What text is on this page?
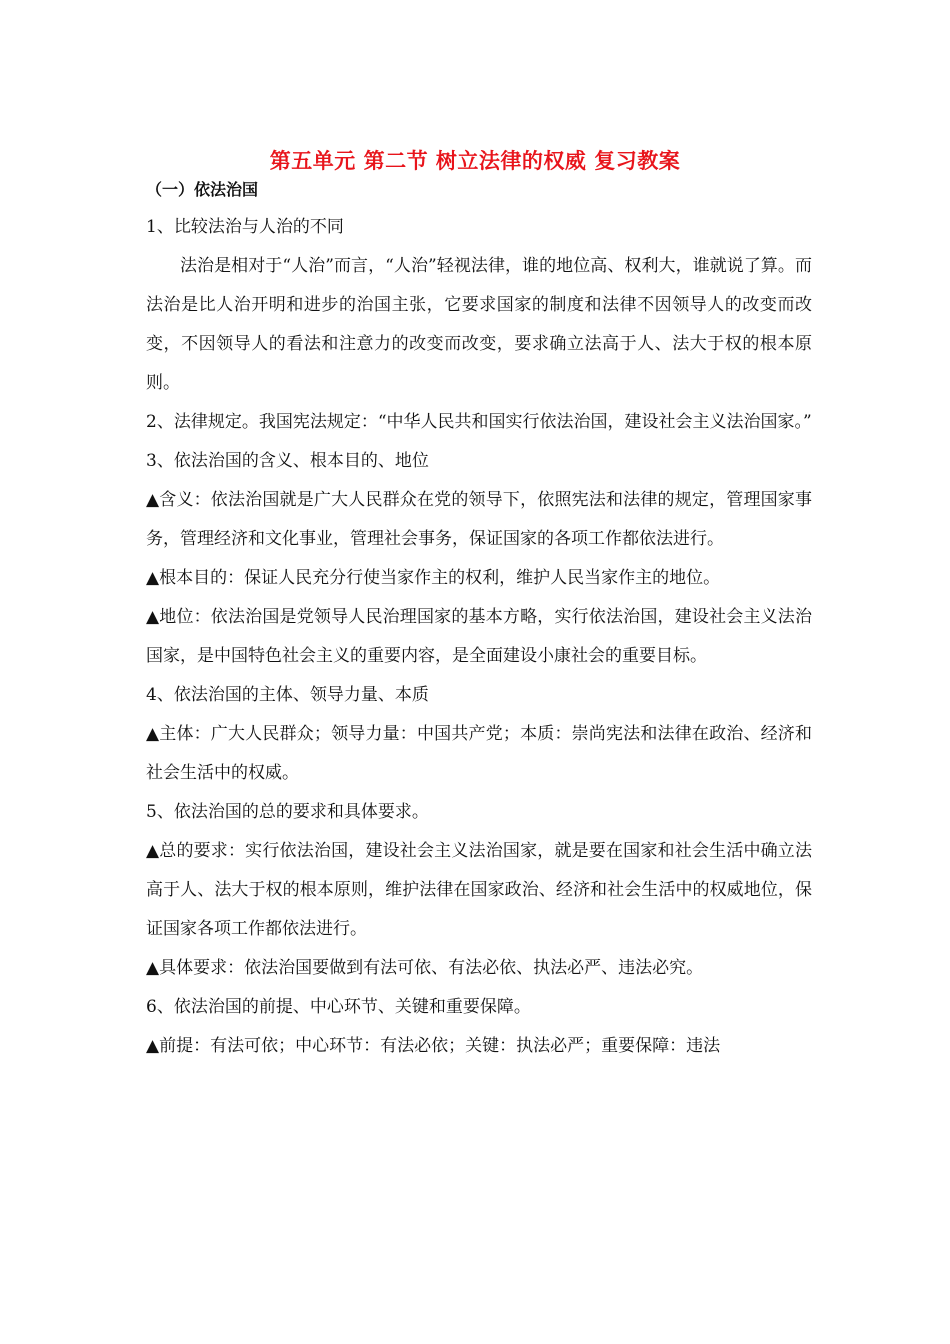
第五单元 第二节 树立法律的权威 复习教案
（一）依法治国

1、比较法治与人治的不同

法治是相对于“人治”而言，“人治”轻视法律，谁的地位高、权利大，谁就说了算。而法治是比人治开明和进步的治国主张，它要求国家的制度和法律不因领导人的改变而改变，不因领导人的看法和注意力的改变而改变，要求确立法高于人、法大于权的根本原则。

2、法律规定。我国宪法规定：“中华人民共和国实行依法治国，建设社会主义法治国家。”

3、依法治国的含义、根本目的、地位

▲含义：依法治国就是广大人民群众在党的领导下，依照宪法和法律的规定，管理国家事务，管理经济和文化事业，管理社会事务，保证国家的各项工作都依法进行。

▲根本目的：保证人民充分行使当家作主的权利，维护人民当家作主的地位。

▲地位：依法治国是党领导人民治理国家的基本方略，实行依法治国，建设社会主义法治国家，是中国特色社会主义的重要内容，是全面建设小康社会的重要目标。

4、依法治国的主体、领导力量、本质

▲主体：广大人民群众；领导力量：中国共产党；本质：崇尚宪法和法律在政治、经济和社会生活中的权威。

5、依法治国的总的要求和具体要求。

▲总的要求：实行依法治国，建设社会主义法治国家，就是要在国家和社会生活中确立法高于人、法大于权的根本原则，维护法律在国家政治、经济和社会生活中的权威地位，保证国家各项工作都依法进行。

▲具体要求：依法治国要做到有法可依、有法必依、执法必严、违法必究。

6、依法治国的前提、中心环节、关键和重要保障。

▲前提：有法可依；中心环节：有法必依；关键：执法必严；重要保障：违法
